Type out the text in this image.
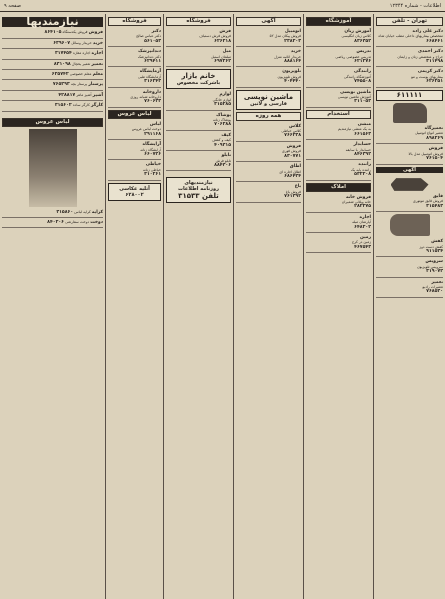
صفحه ۹	اطلاعات - شماره ۱۲۳۴۴
تهران - تلفن
دکتر علی زاده
متخصص بیماریهای داخلی مطب خیابان شاه
۶۶۸۴۶۱
دکتر احمدی
جراح و متخصص زنان و زایمان
۳۱۱۴۹۸
دکتر کریمی
بیماریهای پوست و مو
۶۲۶۲۵۱
۶۱۱۱۱۱
تعمیرگاه
تعمیر انواع اتومبیل
۸۹۸۲۶۹
فروش
فروش اتومبیل مدل بالا
۷۶۱۵۰۴
آگهی
قایق
فروش قایق موتوری
۳۱۵۴۸۳
کفش
کفش دست دوز
۹۱۱۵۲۴
سرویس
سرویس تلویزیون
۳۱۹۰۷۲
تعمیر
تعمیرات رادیو
۷۶۸۵۲۰
آموزشگاه
آموزش زبان
کلاس زبان انگلیسی
۸۳۶۳۵۲
تدریس
تدریس خصوصی ریاضی
۶۲۱۲۷۶
رانندگی
آموزشگاه رانندگی
۷۴۵۵۰۸
ماشین نویسی
آموزش ماشین نویسی
۳۱۱۰۵۳
استخدام
منشی
به یک منشی نیازمندیم
۶۶۱۵۶۳
حسابدار
حسابدار با سابقه
۸۴۶۳۹۲
راننده
راننده پایه یک
۵۳۲۲۰۸
املاک
فروش خانه
خانه ویلائی شمیران
۲۸۲۲۷۵
اجاره
آپارتمان مبله
۶۴۸۲۰۲
زمین
زمین در کرج
۴۶۷۵۴۳
آگهی
اتومبیل
فروش پیکان مدل ۵۲
۲۳۸۲۰۳
خرید
خریدار اثاثیه منزل
۸۸۸۱۶۴
تلویزیون
فروش تلویزیون
۴۰۴۴۴۰
ماشین نویسی
فارسی و لاتین
همه روزه
کلاس
کلاس خیاطی
۷۶۶۲۳۸
فروش
فروش فوری
۸۳۰۷۷۱
اطاق
اطاق اجاره ای
۶۸۶۴۲۴
باغ
فروش باغ
۷۶۱۳۹۲
فروشگاه
فرش
فروش فرش دستباف
۶۲۶۲۱۸
مبل
مبلمان استیل
۶۹۷۲۶۲
خانم بازار
باشرکت مخصوص
لوازم
لوازم خانگی
۳۱۵۲۸۵
پوشاک
پوشاک زنانه
۷۰۶۲۸۸
کیف
کیف و کفش
۴۰۹۳۱۵
تابلو
تابلو فرش
۸۸۴۳۰۶
نیازمندیهای
روزنامه اطلاعات
تلفن ۳۱۵۳۳
فروشگاه
دکتر
دکتر عباس صالح
۵۶۱۰۵۳
دندانپزشک
دکتر دندانپزشک
۶۲۹۴۱۱
آزمایشگاه
آزمایشگاه طبی
۳۱۶۲۴۳
داروخانه
داروخانه شبانه روزی
۷۶۰۶۳۳
لباس عروس
لباس
دوخت لباس عروس
۲۹۱۱۶۸
آرایشگاه
آرایشگاه زنانه
۶۶۰۷۲۶
خیاطی
خیاطی زنانه
۳۱۰۲۶۱
آتلیه عکاسی
۶۲۸۰۰۲
نیازمندیها
فروش فروش یکدستگاه ۸۶۴۱۰۵
خرید خریدار وسائل ۶۳۹۶۰۷
اجاره اجاره مغازه ۳۱۷۴۵۴
تعمیر تعمیر یخچال ۸۳۱۰۹۸
معلم معلم خصوصی ۶۲۵۷۴۲
پرستار پرستار بچه ۷۶۵۲۹۳
آشپز آشپز ماهر ۴۲۸۸۱۷
کارگر کارگر ساده ۳۱۵۶۰۲
لباس عروس
کرایه کرایه لباس ۳۱۵۸۶۰
دوخت دوخت سفارشی ۸۴۰۲۰۶
